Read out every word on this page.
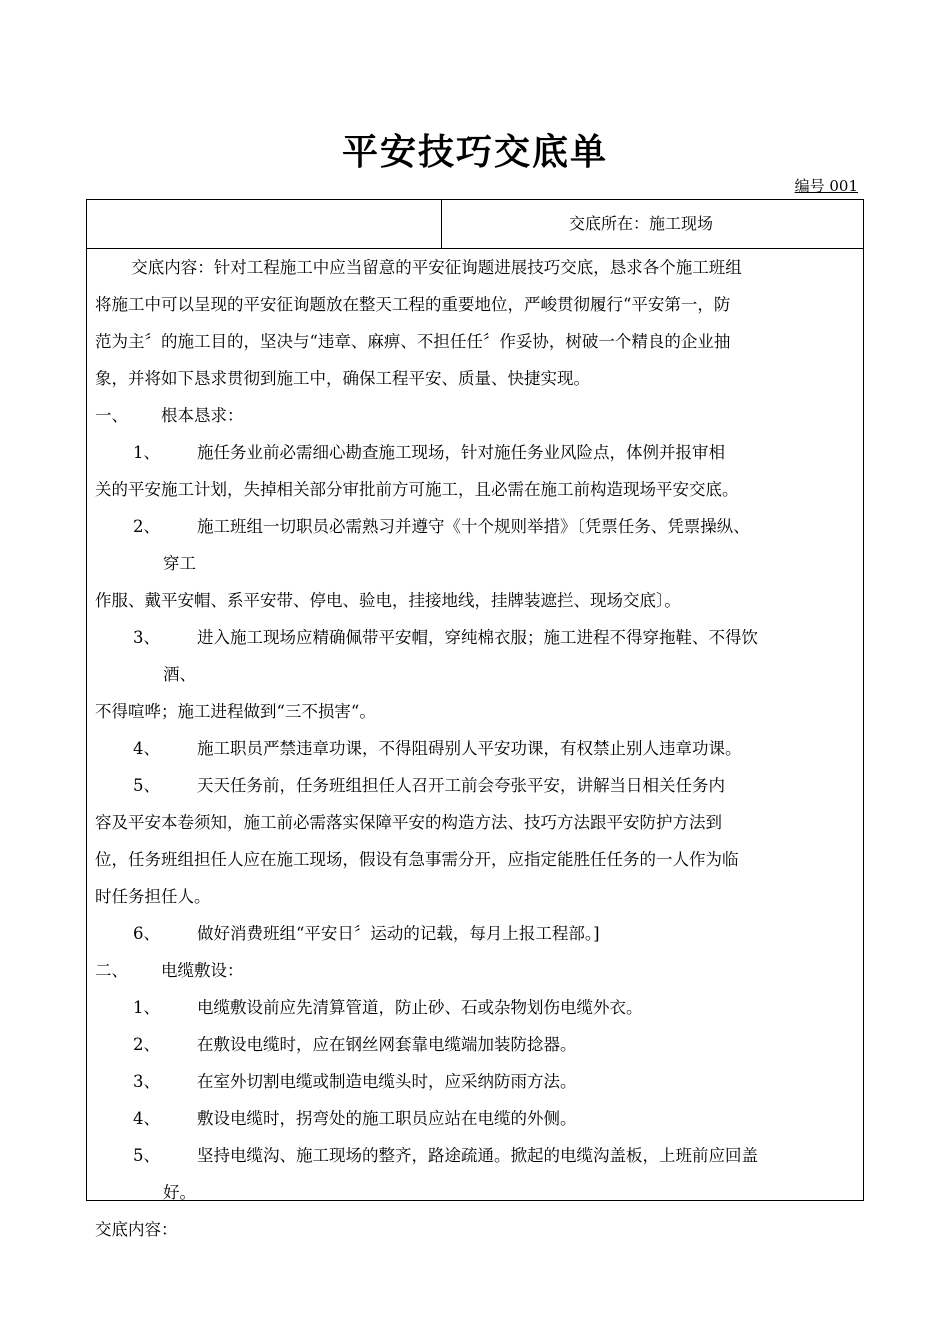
平安技巧交底单
编号 001
交底所在：施工现场

交底内容：针对工程施工中应当留意的平安征询题进展技巧交底，恳求各个施工班组

将施工中可以呈现的平安征询题放在整天工程的重要地位，严峻贯彻履行“平安第一，防

范为主〞的施工目的，坚决与“违章、麻痹、不担任任〞作妥协，树破一个精良的企业抽

象，并将如下恳求贯彻到施工中，确保工程平安、质量、快捷实现。

一、 根本恳求：

1、 施任务业前必需细心勘查施工现场，针对施任务业风险点，体例并报审相

关的平安施工计划，失掉相关部分审批前方可施工，且必需在施工前构造现场平安交底。

2、 施工班组一切职员必需熟习并遵守《十个规则举措》〔凭票任务、凭票操纵、

穿工

作服、戴平安帽、系平安带、停电、验电，挂接地线，挂牌装遮拦、现场交底〕。

3、 进入施工现场应精确佩带平安帽，穿纯棉衣服；施工进程不得穿拖鞋、不得饮

酒、

不得喧哗；施工进程做到“三不损害“。

4、 施工职员严禁违章功课，不得阻碍别人平安功课，有权禁止别人违章功课。

5、 天天任务前，任务班组担任人召开工前会夸张平安，讲解当日相关任务内

容及平安本卷须知，施工前必需落实保障平安的构造方法、技巧方法跟平安防护方法到

位，任务班组担任人应在施工现场，假设有急事需分开，应指定能胜任任务的一人作为临

时任务担任人。

6、 做好消费班组“平安日〞运动的记载，每月上报工程部。]

二、 电缆敷设：

1、 电缆敷设前应先清算管道，防止砂、石或杂物划伤电缆外衣。

2、 在敷设电缆时，应在钢丝网套靠电缆端加装防捻器。

3、 在室外切割电缆或制造电缆头时，应采纳防雨方法。

4、 敷设电缆时，拐弯处的施工职员应站在电缆的外侧。

5、 坚持电缆沟、施工现场的整齐，路途疏通。掀起的电缆沟盖板，上班前应回盖

好。

交底内容：
